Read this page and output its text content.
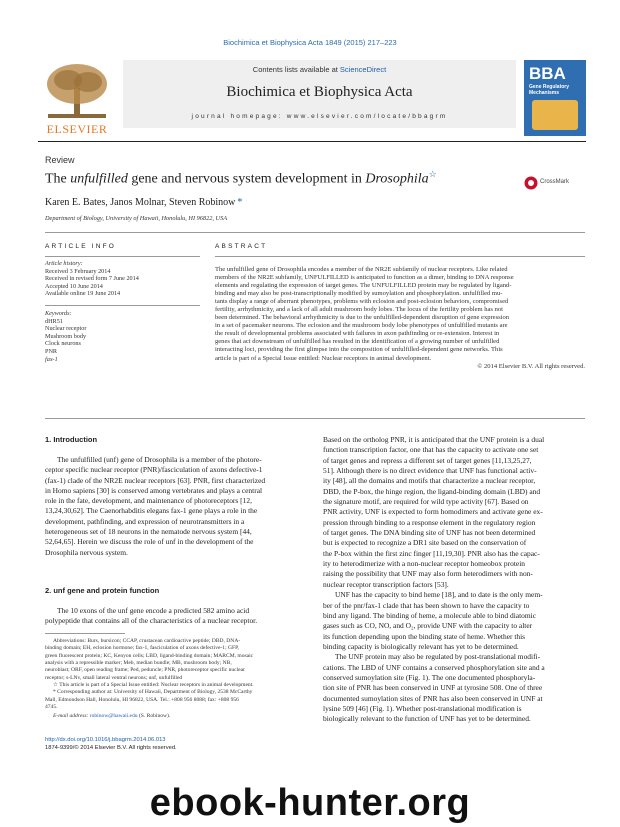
Biochimica et Biophysica Acta 1849 (2015) 217–223
ELSEVIER
Contents lists available at ScienceDirect
Biochimica et Biophysica Acta
journal homepage: www.elsevier.com/locate/bbagrm
BBA
Gene Regulatory Mechanisms
Review
The unfulfilled gene and nervous system development in Drosophila☆
CrossMark
Karen E. Bates, Janos Molnar, Steven Robinow *
Department of Biology, University of Hawaii, Honolulu, HI 96822, USA
ARTICLE INFO
Article history:
Received 3 February 2014
Received in revised form 7 June 2014
Accepted 10 June 2014
Available online 19 June 2014
Keywords:
dHR51
Nuclear receptor
Mushroom body
Clock neurons
PNR
fax-1
ABSTRACT
The unfulfilled gene of Drosophila encodes a member of the NR2E subfamily of nuclear receptors. Like related
members of the NR2E subfamily, UNFULFILLED is anticipated to function as a dimer, binding to DNA response
elements and regulating the expression of target genes. The UNFULFILLED protein may be regulated by ligand-
binding and may also be post-transcriptionally modified by sumoylation and phosphorylation. unfulfilled mu-
tants display a range of aberrant phenotypes, problems with eclosion and post-eclosion behaviors, compromised
fertility, arrhythmicity, and a lack of all adult mushroom body lobes. The locus of the fertility problem has not
been determined. The behavioral arrhythmicity is due to the unfulfilled-dependent disruption of gene expression
in a set of pacemaker neurons. The eclosion and the mushroom body lobe phenotypes of unfulfilled mutants are
the result of developmental problems associated with failures in axon pathfinding or re-extension. Interest in
genes that act downstream of unfulfilled has resulted in the identification of a growing number of unfulfilled
interacting loci, providing the first glimpse into the composition of unfulfilled-dependent gene networks. This
article is part of a Special Issue entitled: Nuclear receptors in animal development.
© 2014 Elsevier B.V. All rights reserved.
1. Introduction
The unfulfilled (unf) gene of Drosophila is a member of the photore-
ceptor specific nuclear receptor (PNR)/fasciculation of axons defective-1
(fax-1) clade of the NR2E nuclear receptors [63]. PNR, first characterized
in Homo sapiens [30] is conserved among vertebrates and plays a central
role in the fate, development, and maintenance of photoreceptors [12,
13,24,30,62]. The Caenorhabditis elegans fax-1 gene plays a role in the
development, pathfinding, and expression of neurotransmitters in a
heterogeneous set of 18 neurons in the nematode nervous system [44,
52,64,65]. Herein we discuss the role of unf in the development of the
Drosophila nervous system.
2. unf gene and protein function
The 10 exons of the unf gene encode a predicted 582 amino acid
polypeptide that contains all of the characteristics of a nuclear receptor.
Abbreviations: Burs, bursicon; CCAP, crustacean cardioactive peptide; DBD, DNA-
binding domain; EH, eclosion hormone; fax-1, fasciculation of axons defective-1; GFP,
green fluorescent protein; KC, Kenyon cells; LBD, ligand-binding domain; MARCM, mosaic
analysis with a repressible marker; Meb, median bundle; MB, mushroom body; NB,
neuroblast; ORF, open reading frame; Ped, peduncle; PNR, photoreceptor specific nuclear
receptor; s-LNv, small lateral ventral neurons; unf, unfulfilled
☆ This article is part of a Special Issue entitled: Nuclear receptors in animal development.
* Corresponding author at: University of Hawaii, Department of Biology, 2538 McCarthy
Mall, Edmondson Hall, Honolulu, HI 96822, USA. Tel.: +808 956 8088; fax: +808 956
4745.
E-mail address: robinow@hawaii.edu (S. Robinow).
http://dx.doi.org/10.1016/j.bbagrm.2014.06.013
1874-9399/© 2014 Elsevier B.V. All rights reserved.
Based on the ortholog PNR, it is anticipated that the UNF protein is a dual
function transcription factor, one that has the capacity to activate one set
of target genes and repress a different set of target genes [11,13,25,27,
51]. Although there is no direct evidence that UNF has functional activ-
ity [48], all the domains and motifs that characterize a nuclear receptor,
DBD, the P-box, the hinge region, the ligand-binding domain (LBD) and
the signature motif, are required for wild type activity [67]. Based on
PNR activity, UNF is expected to form homodimers and activate gene ex-
pression through binding to a response element in the regulatory region
of target genes. The DNA binding site of UNF has not been determined
but is expected to recognize a DR1 site based on the conservation of
the P-box within the first zinc finger [11,19,30]. PNR also has the capac-
ity to heterodimerize with a non-nuclear receptor homeobox protein
raising the possibility that UNF may also form heterodimers with non-
nuclear receptor transcription factors [53].
UNF has the capacity to bind heme [18], and to date is the only mem-
ber of the pnr/fax-1 clade that has been shown to have the capacity to
bind any ligand. The binding of heme, a molecule able to bind diatomic
gases such as CO, NO, and O₂, provide UNF with the capacity to alter
its function depending upon the binding state of heme. Whether this
binding capacity is biologically relevant has yet to be determined.
The UNF protein may also be regulated by post-translational modifi-
cations. The LBD of UNF contains a conserved phosphorylation site and a
conserved sumoylation site (Fig. 1). The one documented phosphoryla-
tion site of PNR has been conserved in UNF at tyrosine 508. One of three
documented sumoylation sites of PNR has also been conserved in UNF at
lysine 509 [46] (Fig. 1). Whether post-translational modification is
biologically relevant to the function of UNF has yet to be determined.
ebook-hunter.org
